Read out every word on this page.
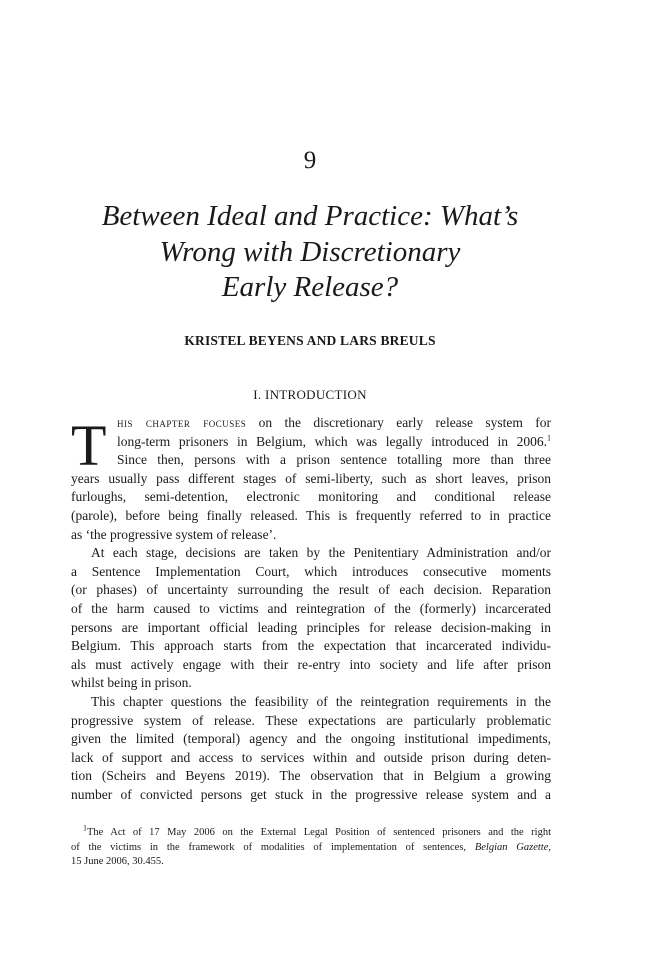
9
Between Ideal and Practice: What’s
Wrong with Discretionary
Early Release?
KRISTEL BEYENS AND LARS BREULS
I. INTRODUCTION
T his chapter focuses on the discretionary early release system for
long-term prisoners in Belgium, which was legally introduced in 2006.$^1$
Since then, persons with a prison sentence totalling more than three
years usually pass different stages of semi-liberty, such as short leaves, prison
furloughs, semi-detention, electronic monitoring and conditional release
(parole), before being finally released. This is frequently referred to in practice
as ‘the progressive system of release’.
At each stage, decisions are taken by the Penitentiary Administration and/or
a Sentence Implementation Court, which introduces consecutive moments
(or phases) of uncertainty surrounding the result of each decision. Reparation
of the harm caused to victims and reintegration of the (formerly) incarcerated
persons are important official leading principles for release decision-making in
Belgium. This approach starts from the expectation that incarcerated individu-
als must actively engage with their re-entry into society and life after prison
whilst being in prison.
This chapter questions the feasibility of the reintegration requirements in the
progressive system of release. These expectations are particularly problematic
given the limited (temporal) agency and the ongoing institutional impediments,
lack of support and access to services within and outside prison during deten-
tion (Scheirs and Beyens 2019). The observation that in Belgium a growing
number of convicted persons get stuck in the progressive release system and a
$^1$The Act of 17 May 2006 on the External Legal Position of sentenced prisoners and the right
of the victims in the framework of modalities of implementation of sentences, Belgian Gazette,
15 June 2006, 30.455.
